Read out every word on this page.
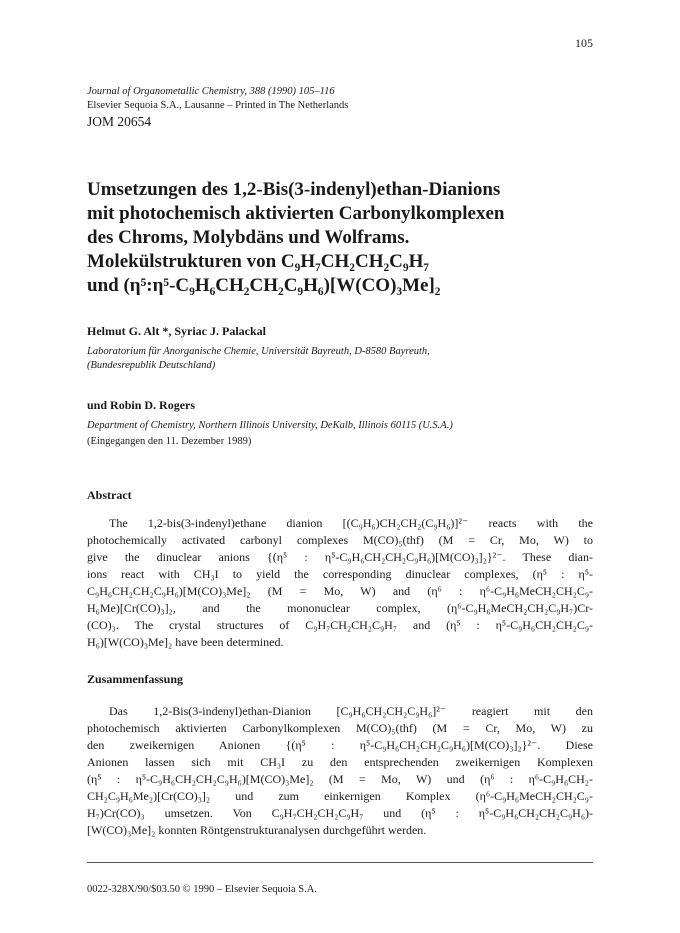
105

Journal of Organometallic Chemistry, 388 (1990) 105–116

Elsevier Sequoia S.A., Lausanne – Printed in The Netherlands

JOM 20654

Umsetzungen des 1,2-Bis(3-indenyl)ethan-Dianions
mit photochemisch aktivierten Carbonylkomplexen
des Chroms, Molybdäns und Wolframs.
Molekülstrukturen von C₉H₇CH₂CH₂C₉H₇
und (η⁵:η⁵-C₉H₆CH₂CH₂C₉H₆)[W(CO)₃Me]₂

Helmut G. Alt *, Syriac J. Palackal

Laboratorium für Anorganische Chemie, Universität Bayreuth, D-8580 Bayreuth,

(Bundesrepublik Deutschland)

und Robin D. Rogers

Department of Chemistry, Northern Illinois University, DeKalb, Illinois 60115 (U.S.A.)

(Eingegangen den 11. Dezember 1989)

Abstract

The 1,2-bis(3-indenyl)ethane dianion [(C₉H₆)CH₂CH₂(C₉H₆)]²⁻ reacts with the
photochemically activated carbonyl complexes M(CO)₅(thf) (M = Cr, Mo, W) to
give the dinuclear anions {(η⁵ : η⁵-C₉H₆CH₂CH₂C₉H₆)[M(CO)₃]₂}²⁻. These dian-
ions react with CH₃I to yield the corresponding dinuclear complexes, (η⁵ : η⁵-
C₉H₆CH₂CH₂C₉H₆)[M(CO)₃Me]₂ (M = Mo, W) and (η⁶ : η⁶-C₉H₆MeCH₂CH₂C₉-
H₆Me)[Cr(CO)₃]₂, and the mononuclear complex, (η⁶-C₉H₆MeCH₂CH₂C₉H₇)Cr-
(CO)₃. The crystal structures of C₉H₇CH₂CH₂C₉H₇ and (η⁵ : η⁵-C₉H₆CH₂CH₂C₉-
H₆)[W(CO)₃Me]₂ have been determined.

Zusammenfassung

Das 1,2-Bis(3-indenyl)ethan-Dianion [C₉H₆CH₂CH₂C₉H₆]²⁻ reagiert mit den
photochemisch aktivierten Carbonylkomplexen M(CO)₅(thf) (M = Cr, Mo, W) zu
den zweikernigen Anionen {(η⁵ : η⁵-C₉H₆CH₂CH₂C₉H₆)[M(CO)₃]₂}²⁻. Diese
Anionen lassen sich mit CH₃I zu den entsprechenden zweikernigen Komplexen
(η⁵ : η⁵-C₉H₆CH₂CH₂C₉H₆)[M(CO)₃Me]₂ (M = Mo, W) und (η⁶ : η⁶-C₉H₆CH₂-
CH₂C₉H₆Me₂)[Cr(CO)₃]₂ und zum einkernigen Komplex (η⁶-C₉H₆MeCH₂CH₂C₉-
H₇)Cr(CO)₃ umsetzen. Von C₉H₇CH₂CH₂C₉H₇ und (η⁵ : η⁵-C₉H₆CH₂CH₂C₉H₆)-
[W(CO)₃Me]₂ konnten Röntgenstrukturanalysen durchgeführt werden.

0022-328X/90/$03.50 © 1990 – Elsevier Sequoia S.A.
